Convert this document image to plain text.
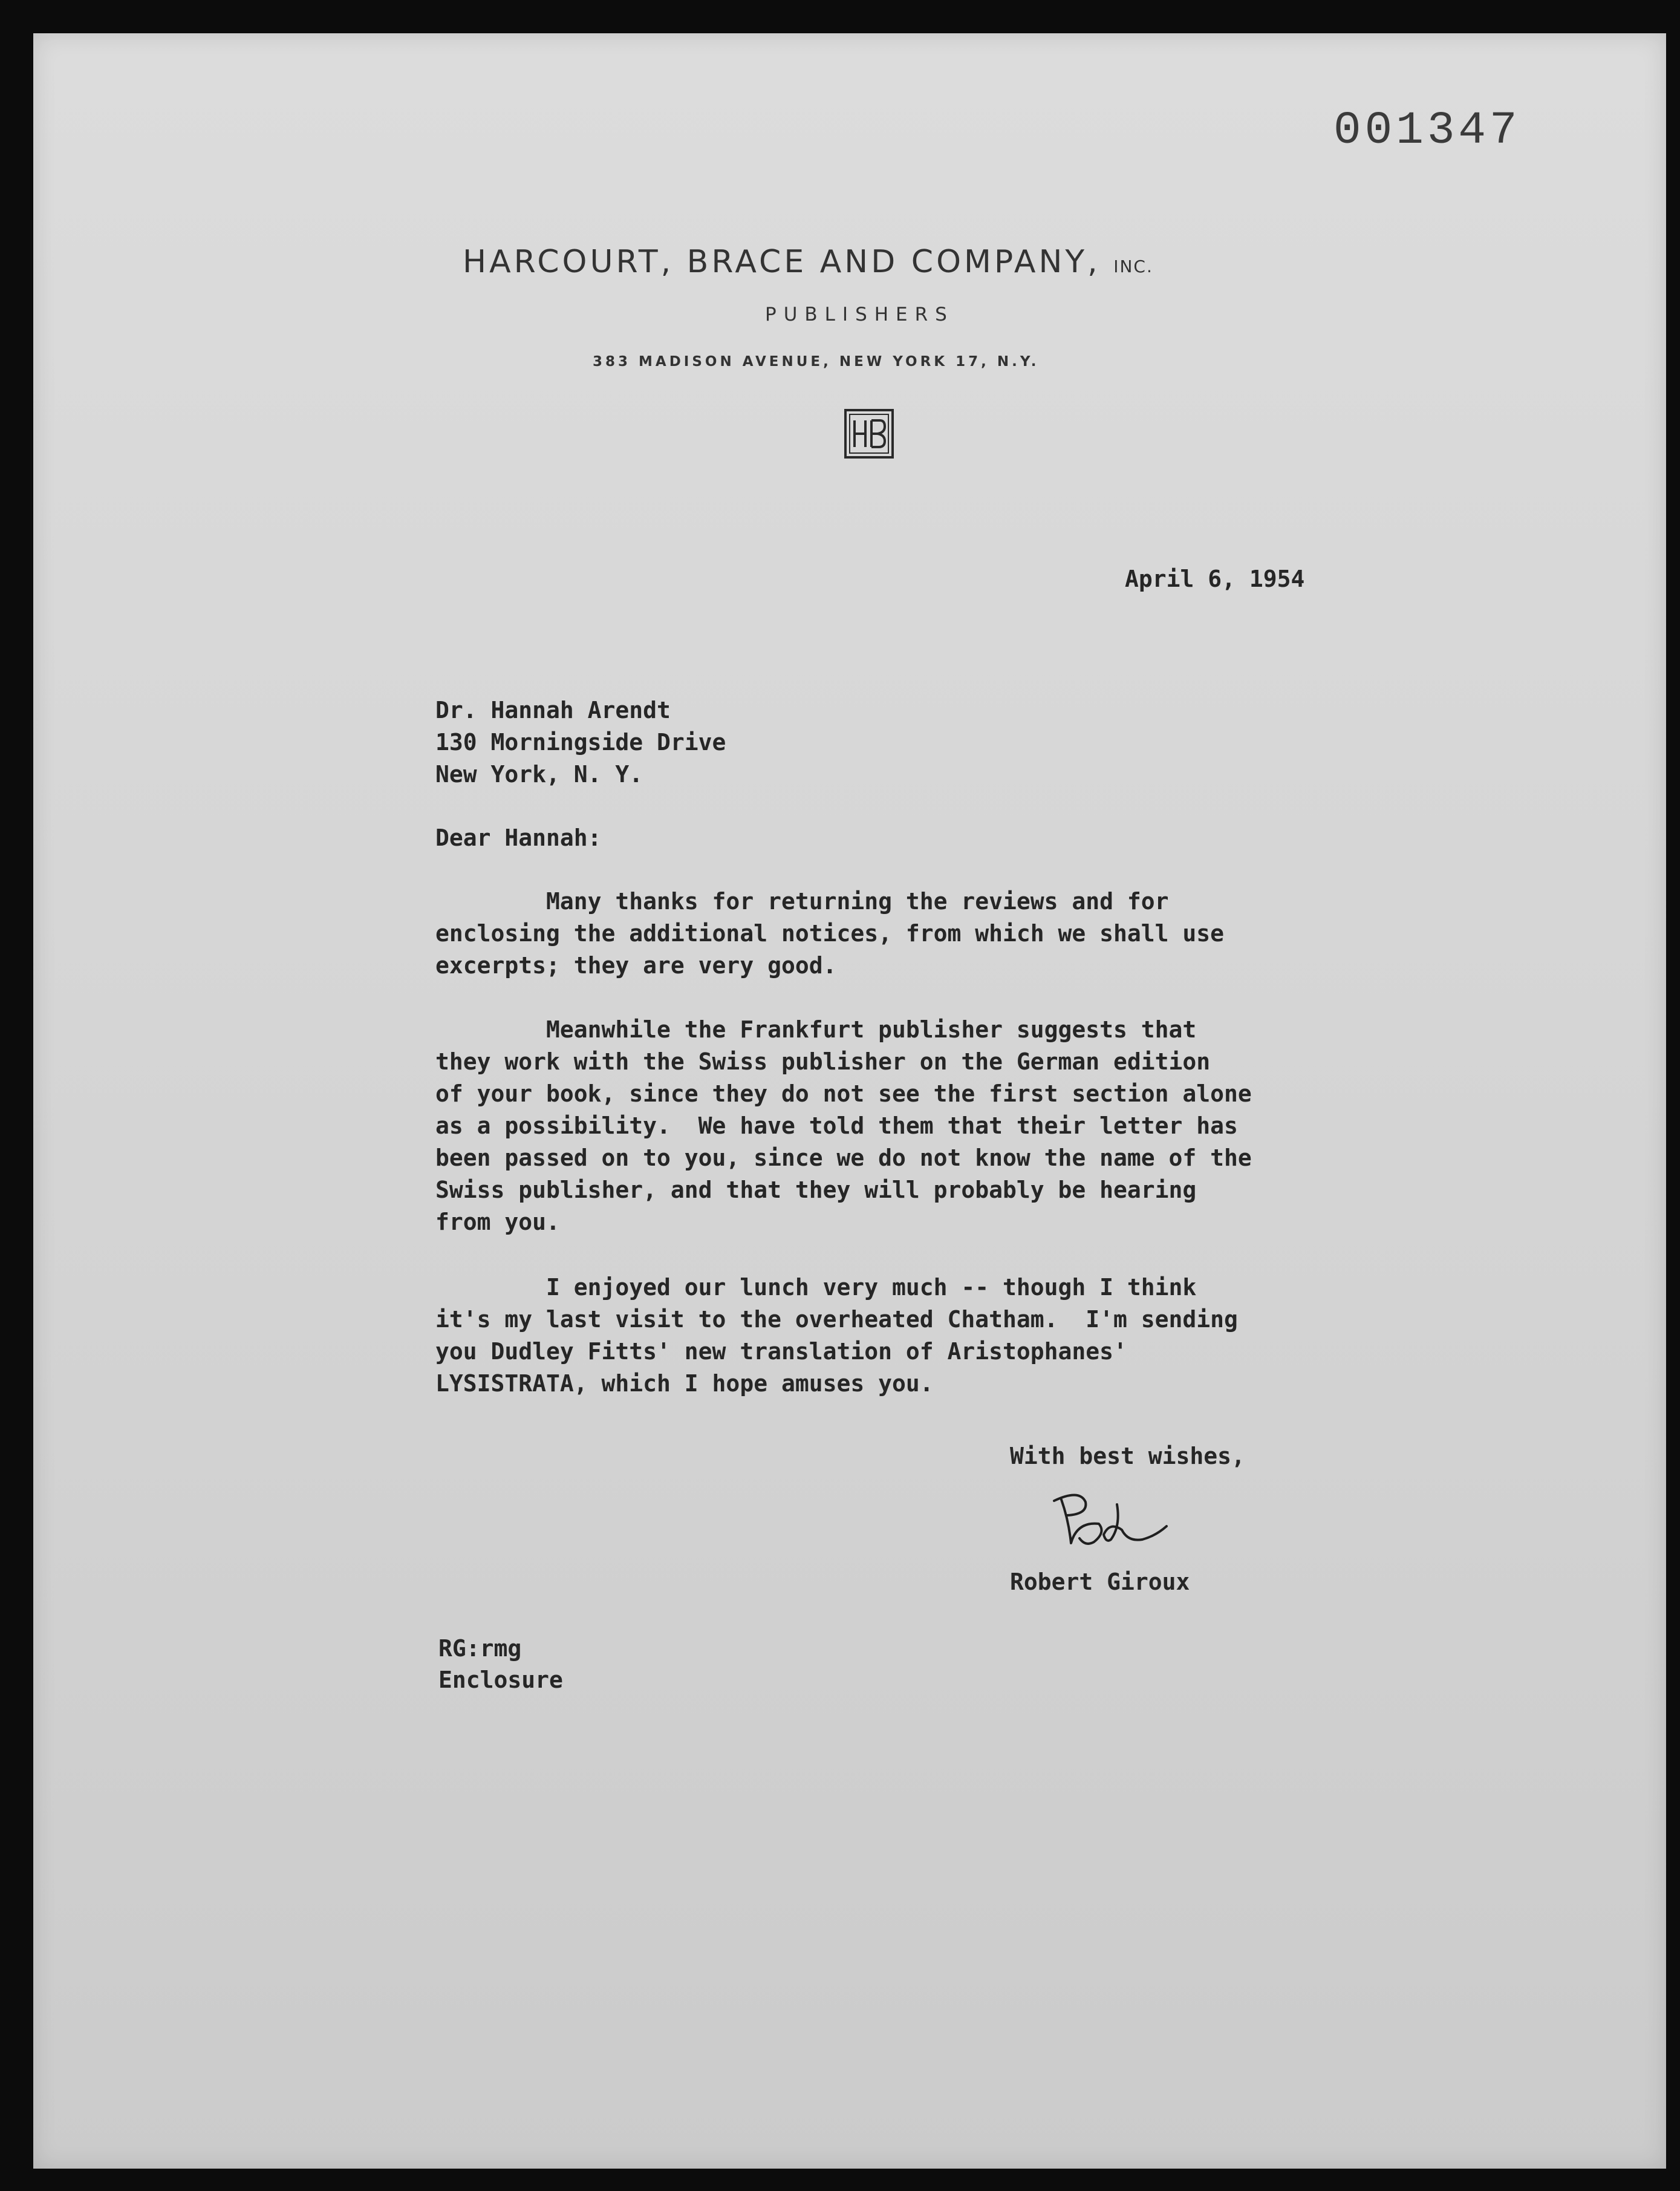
001347
HARCOURT, BRACE AND COMPANY, INC.
PUBLISHERS
383 MADISON AVENUE, NEW YORK 17, N.Y.
April 6, 1954
Dr. Hannah Arendt
130 Morningside Drive
New York, N. Y.
Dear Hannah:
Many thanks for returning the reviews and for
enclosing the additional notices, from which we shall use
excerpts; they are very good.
Meanwhile the Frankfurt publisher suggests that
they work with the Swiss publisher on the German edition
of your book, since they do not see the first section alone
as a possibility.  We have told them that their letter has
been passed on to you, since we do not know the name of the
Swiss publisher, and that they will probably be hearing
from you.
I enjoyed our lunch very much -- though I think
it's my last visit to the overheated Chatham.  I'm sending
you Dudley Fitts' new translation of Aristophanes'
LYSISTRATA, which I hope amuses you.
With best wishes,
Robert Giroux
RG:rmg
Enclosure
